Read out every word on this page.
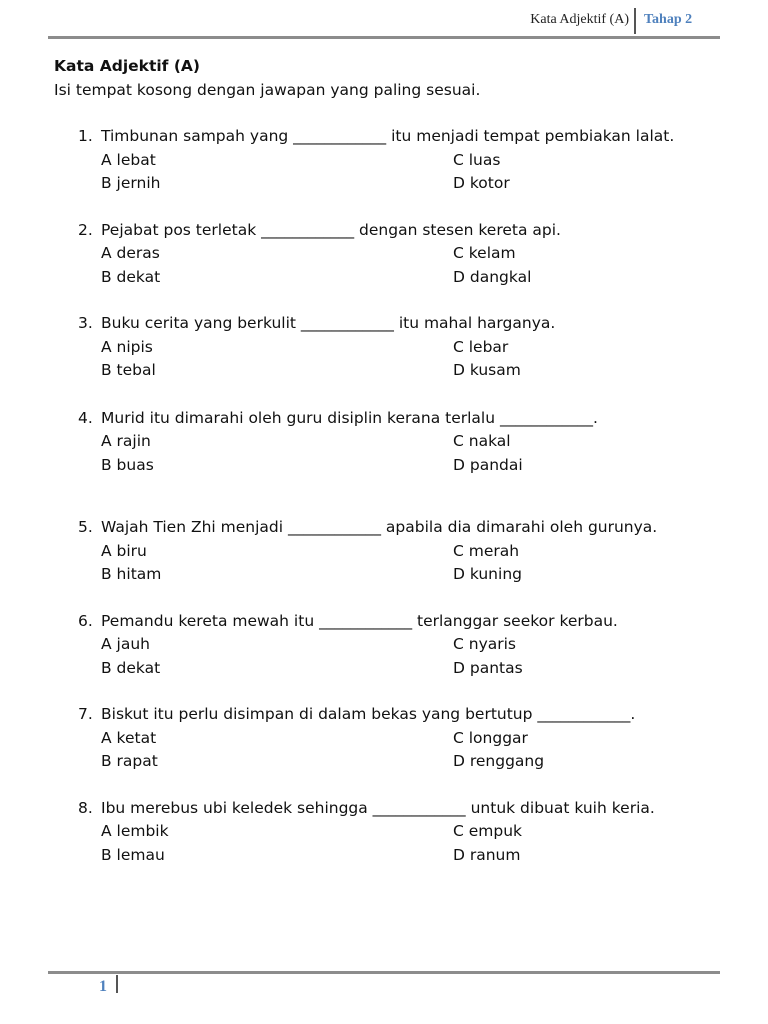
Kata Adjektif (A) Tahap 2
Kata Adjektif (A)
Isi tempat kosong dengan jawapan yang paling sesuai.
1. Timbunan sampah yang ____________ itu menjadi tempat pembiakan lalat.
A lebat	C luas
B jernih	D kotor
2. Pejabat pos terletak ____________ dengan stesen kereta api.
A deras	C kelam
B dekat	D dangkal
3. Buku cerita yang berkulit ____________ itu mahal harganya.
A nipis	C lebar
B tebal	D kusam
4. Murid itu dimarahi oleh guru disiplin kerana terlalu ____________.
A rajin	C nakal
B buas	D pandai
5. Wajah Tien Zhi menjadi ____________ apabila dia dimarahi oleh gurunya.
A biru	C merah
B hitam	D kuning
6. Pemandu kereta mewah itu ____________ terlanggar seekor kerbau.
A jauh	C nyaris
B dekat	D pantas
7. Biskut itu perlu disimpan di dalam bekas yang bertutup ____________.
A ketat	C longgar
B rapat	D renggang
8. Ibu merebus ubi keledek sehingga ____________ untuk dibuat kuih keria.
A lembik	C empuk
B lemau	D ranum
1
